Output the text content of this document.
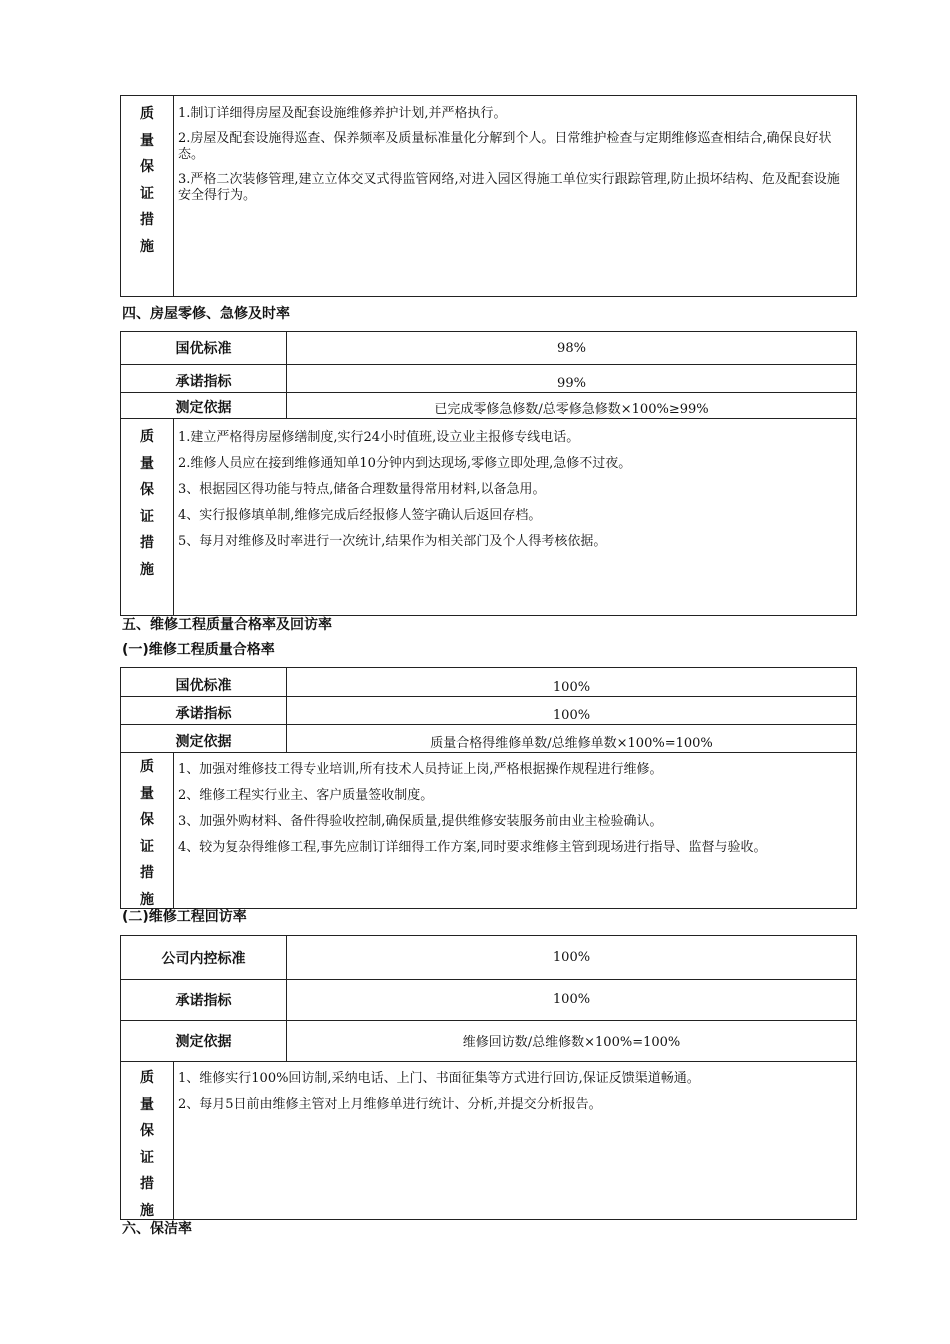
质
量
保
证
措
施

1.制订详细得房屋及配套设施维修养护计划,并严格执行。

2.房屋及配套设施得巡查、保养频率及质量标准量化分解到个人。日常维护检查与定期维修巡查相结合,确保良好状态。

3.严格二次装修管理,建立立体交叉式得监管网络,对进入园区得施工单位实行跟踪管理,防止损坏结构、危及配套设施安全得行为。

四、房屋零修、急修及时率
国优标准	98%
承诺指标	99%
测定依据	已完成零修急修数/总零修急修数×100%≥99%
质
量
保
证
措
施

1.建立严格得房屋修缮制度,实行24小时值班,设立业主报修专线电话。

2.维修人员应在接到维修通知单10分钟内到达现场,零修立即处理,急修不过夜。

3、根据园区得功能与特点,储备合理数量得常用材料,以备急用。

4、实行报修填单制,维修完成后经报修人签字确认后返回存档。

5、每月对维修及时率进行一次统计,结果作为相关部门及个人得考核依据。

五、维修工程质量合格率及回访率
(一)维修工程质量合格率
国优标准	100%
承诺指标	100%
测定依据	质量合格得维修单数/总维修单数×100%=100%
质
量
保
证
措
施

1、加强对维修技工得专业培训,所有技术人员持证上岗,严格根据操作规程进行维修。

2、维修工程实行业主、客户质量签收制度。

3、加强外购材料、备件得验收控制,确保质量,提供维修安装服务前由业主检验确认。

4、较为复杂得维修工程,事先应制订详细得工作方案,同时要求维修主管到现场进行指导、监督与验收。

(二)维修工程回访率
公司内控标准	100%
承诺指标	100%
测定依据	维修回访数/总维修数×100%=100%
质
量
保
证
措
施

1、维修实行100%回访制,采纳电话、上门、书面征集等方式进行回访,保证反馈渠道畅通。

2、每月5日前由维修主管对上月维修单进行统计、分析,并提交分析报告。

六、保洁率
